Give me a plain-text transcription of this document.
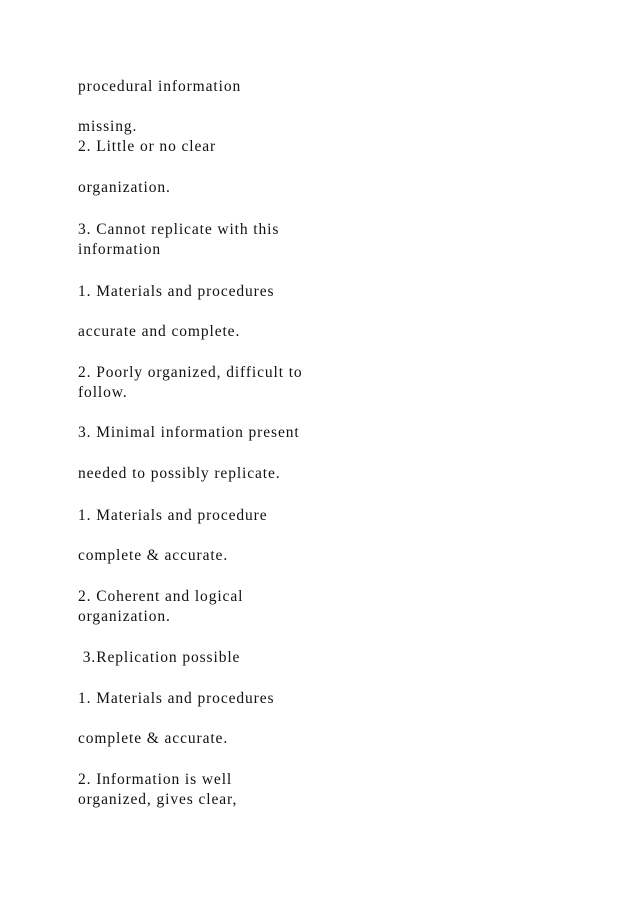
procedural information

missing.

2. Little or no clear

organization.

3. Cannot replicate with this

information

1. Materials and procedures

accurate and complete.

2. Poorly organized, difficult to

follow.

3. Minimal information present

needed to possibly replicate.

1. Materials and procedure

complete & accurate.

2. Coherent and logical

organization.

3.Replication possible

1. Materials and procedures

complete & accurate.

2. Information is well

organized, gives clear,
